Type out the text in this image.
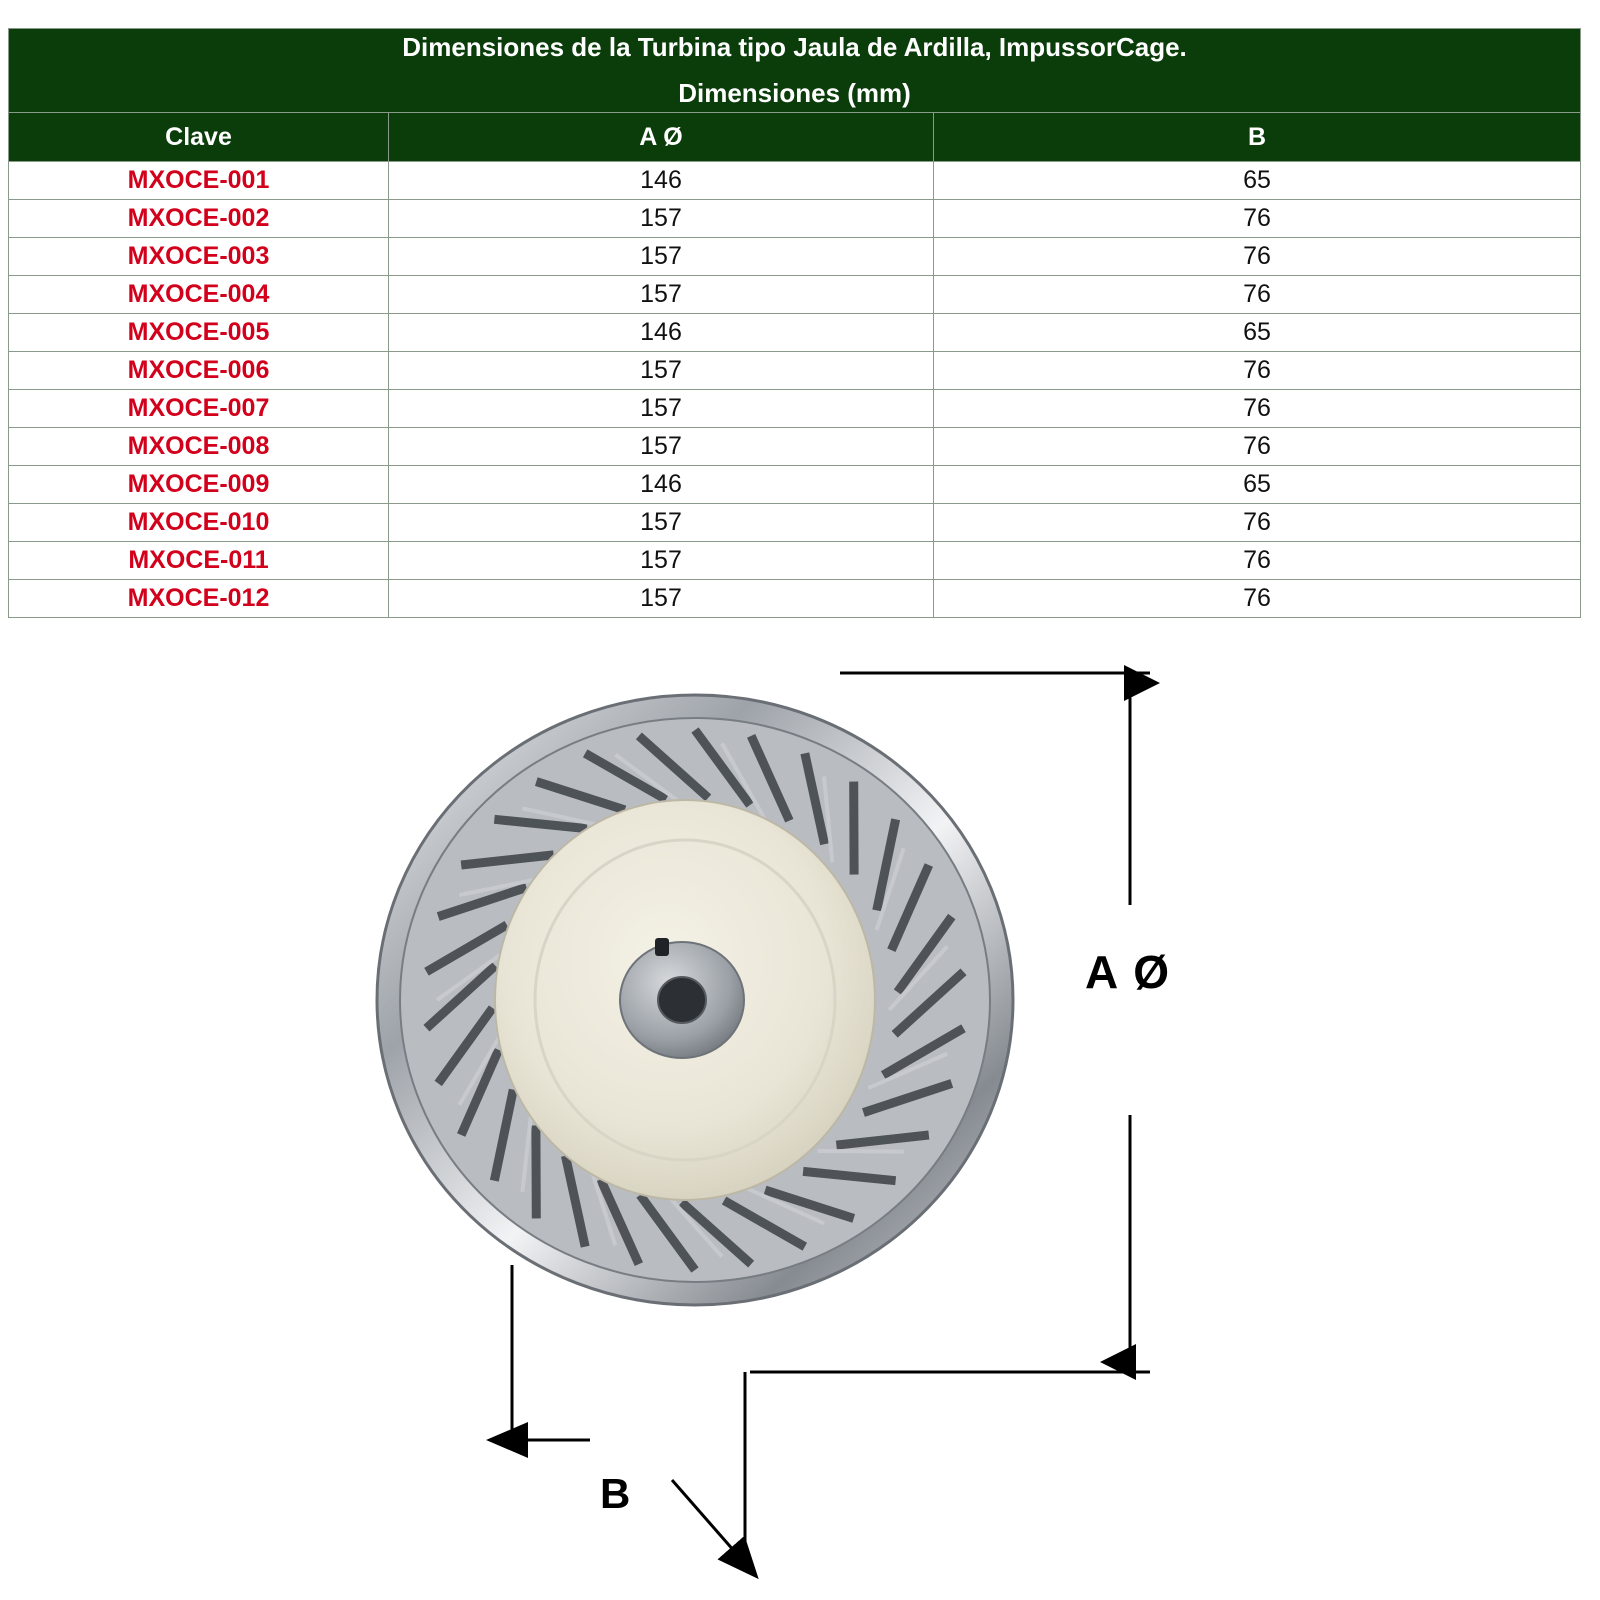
Dimensiones de la Turbina tipo Jaula de Ardilla, ImpussorCage.
Dimensiones (mm)		

Clave	A Ø	B
MXOCE-001	146	65
MXOCE-002	157	76
MXOCE-003	157	76
MXOCE-004	157	76
MXOCE-005	146	65
MXOCE-006	157	76
MXOCE-007	157	76
MXOCE-008	157	76
MXOCE-009	146	65
MXOCE-010	157	76
MXOCE-011	157	76
MXOCE-012	157	76
A Ø
B
